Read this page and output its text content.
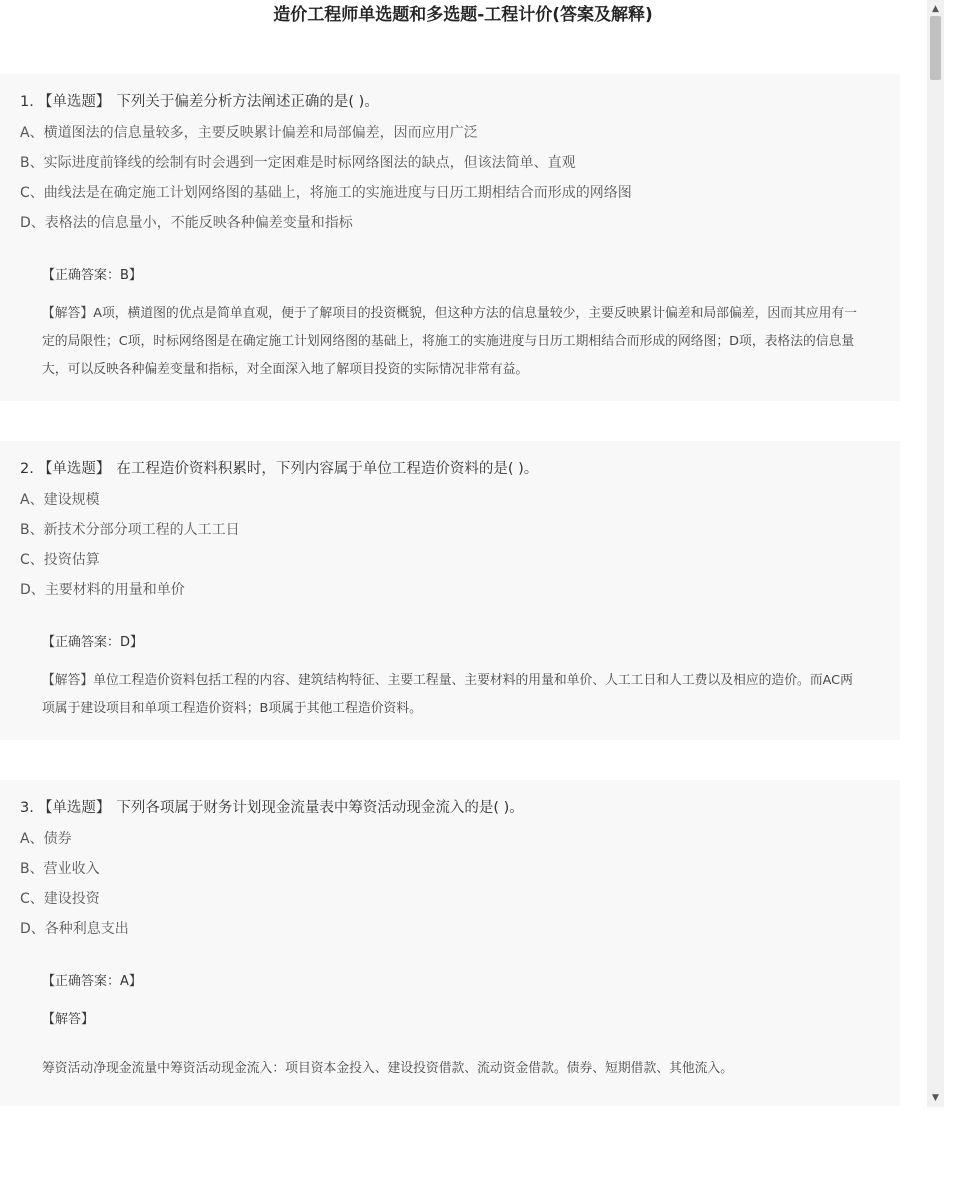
造价工程师单选题和多选题-工程计价(答案及解释)
1. 【单选题】 下列关于偏差分析方法阐述正确的是( )。
A、横道图法的信息量较多，主要反映累计偏差和局部偏差，因而应用广泛
B、实际进度前锋线的绘制有时会遇到一定困难是时标网络图法的缺点，但该法简单、直观
C、曲线法是在确定施工计划网络图的基础上，将施工的实施进度与日历工期相结合而形成的网络图
D、表格法的信息量小，不能反映各种偏差变量和指标
【正确答案：B】
【解答】A项，横道图的优点是简单直观，便于了解项目的投资概貌，但这种方法的信息量较少，主要反映累计偏差和局部偏差，因而其应用有一定的局限性；C项，时标网络图是在确定施工计划网络图的基础上，将施工的实施进度与日历工期相结合而形成的网络图；D项，表格法的信息量大，可以反映各种偏差变量和指标，对全面深入地了解项目投资的实际情况非常有益。
2. 【单选题】 在工程造价资料积累时，下列内容属于单位工程造价资料的是( )。
A、建设规模
B、新技术分部分项工程的人工工日
C、投资估算
D、主要材料的用量和单价
【正确答案：D】
【解答】单位工程造价资料包括工程的内容、建筑结构特征、主要工程量、主要材料的用量和单价、人工工日和人工费以及相应的造价。而AC两项属于建设项目和单项工程造价资料；B项属于其他工程造价资料。
3. 【单选题】 下列各项属于财务计划现金流量表中筹资活动现金流入的是( )。
A、债券
B、营业收入
C、建设投资
D、各种利息支出
【正确答案：A】
【解答】
筹资活动净现金流量中筹资活动现金流入：项目资本金投入、建设投资借款、流动资金借款。债券、短期借款、其他流入。
▲
▼
